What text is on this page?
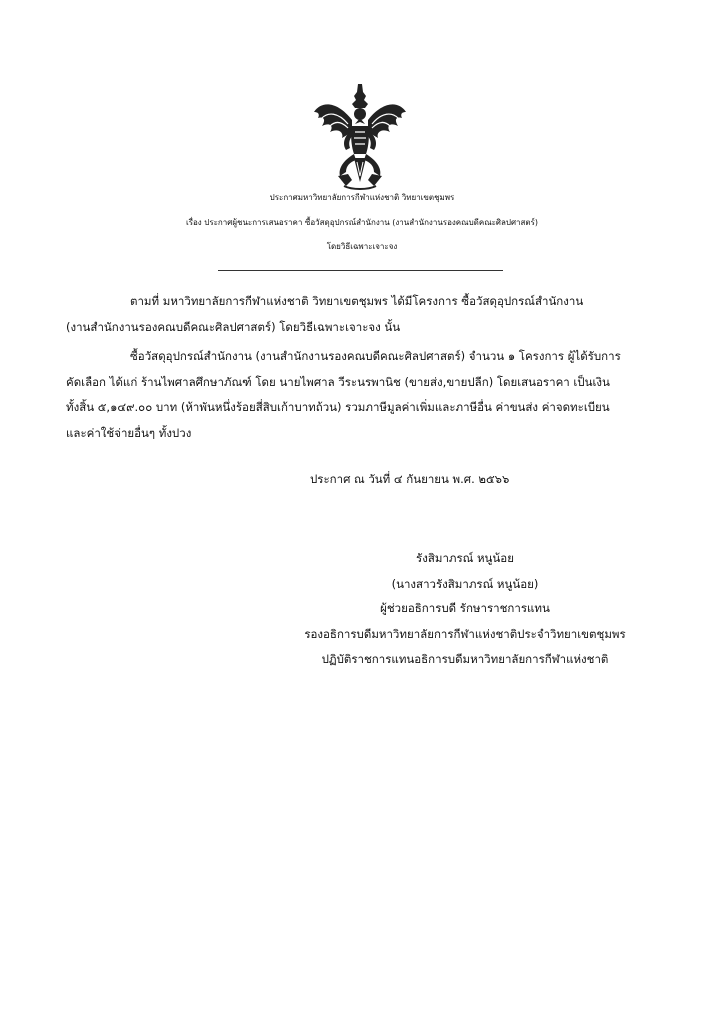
ประกาศมหาวิทยาลัยการกีฬาแห่งชาติ วิทยาเขตชุมพร
เรื่อง ประกาศผู้ชนะการเสนอราคา ซื้อวัสดุอุปกรณ์สำนักงาน (งานสำนักงานรองคณบดีคณะศิลปศาสตร์)
โดยวิธีเฉพาะเจาะจง
ตามที่ มหาวิทยาลัยการกีฬาแห่งชาติ วิทยาเขตชุมพร ได้มีโครงการ ซื้อวัสดุอุปกรณ์สำนักงาน
(งานสำนักงานรองคณบดีคณะศิลปศาสตร์) โดยวิธีเฉพาะเจาะจง นั้น
ซื้อวัสดุอุปกรณ์สำนักงาน (งานสำนักงานรองคณบดีคณะศิลปศาสตร์) จำนวน ๑ โครงการ ผู้ได้รับการ
คัดเลือก ได้แก่ ร้านไพศาลศึกษาภัณฑ์ โดย นายไพศาล วีระนรพานิช (ขายส่ง,ขายปลีก) โดยเสนอราคา เป็นเงิน
ทั้งสิ้น ๕,๑๔๙.๐๐ บาท (ห้าพันหนึ่งร้อยสี่สิบเก้าบาทถ้วน) รวมภาษีมูลค่าเพิ่มและภาษีอื่น ค่าขนส่ง ค่าจดทะเบียน
และค่าใช้จ่ายอื่นๆ ทั้งปวง
ประกาศ ณ วันที่ ๔ กันยายน พ.ศ. ๒๕๖๖
รังสิมาภรณ์ หนูน้อย
(นางสาวรังสิมาภรณ์ หนูน้อย)
ผู้ช่วยอธิการบดี รักษาราชการแทน
รองอธิการบดีมหาวิทยาลัยการกีฬาแห่งชาติประจำวิทยาเขตชุมพร
ปฏิบัติราชการแทนอธิการบดีมหาวิทยาลัยการกีฬาแห่งชาติ
